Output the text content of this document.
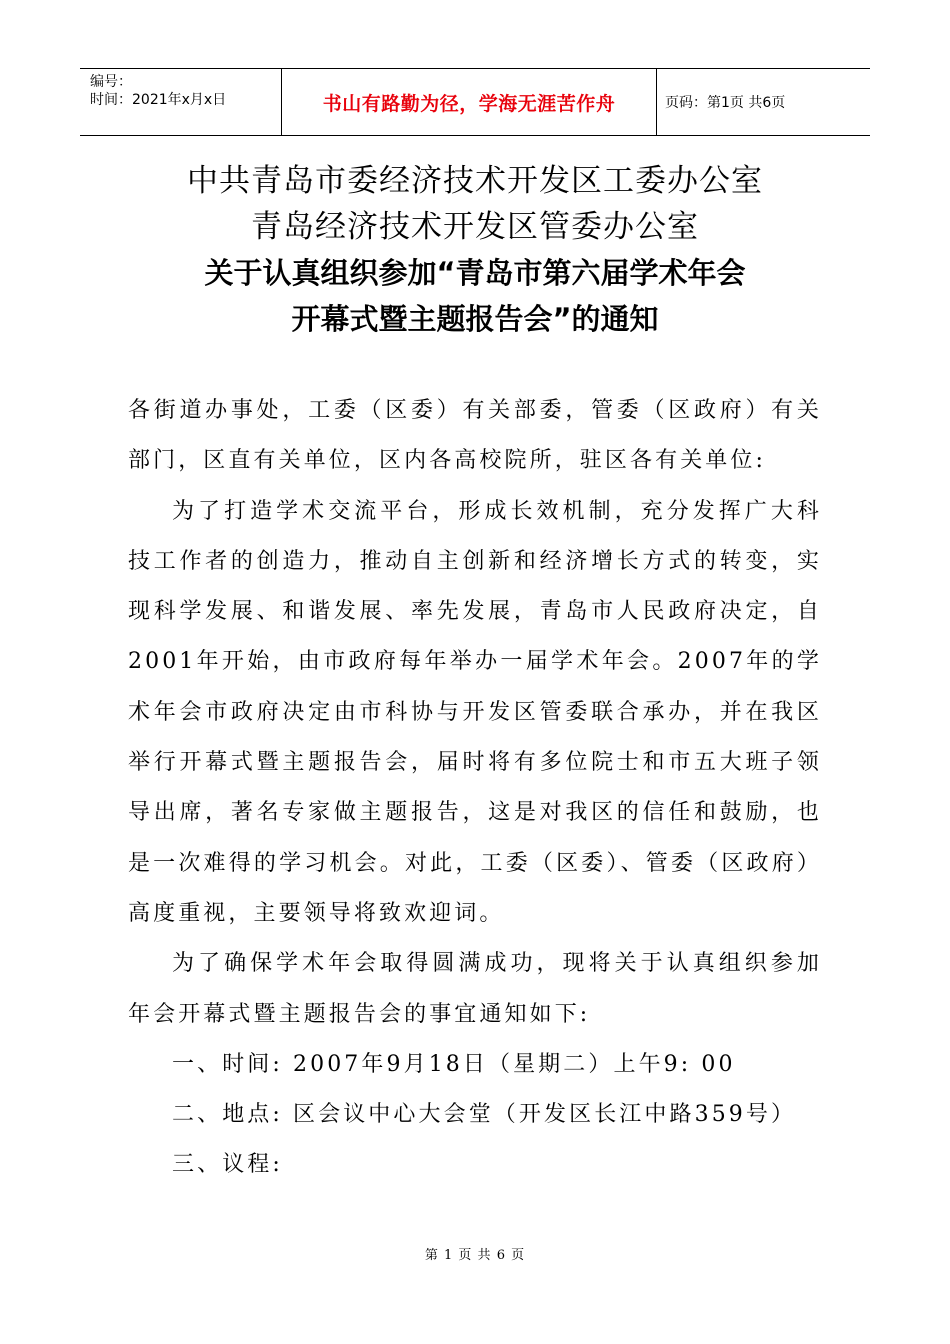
编号：
时间：2021年x月x日	书山有路勤为径，学海无涯苦作舟	页码：第1页 共6页
中共青岛市委经济技术开发区工委办公室
青岛经济技术开发区管委办公室
关于认真组织参加“青岛市第六届学术年会
开幕式暨主题报告会”的通知

各街道办事处，工委（区委）有关部委，管委（区政府）有关部门，区直有关单位，区内各高校院所，驻区各有关单位:

为了打造学术交流平台，形成长效机制，充分发挥广大科技工作者的创造力，推动自主创新和经济增长方式的转变，实现科学发展、和谐发展、率先发展，青岛市人民政府决定，自2001年开始，由市政府每年举办一届学术年会。2007年的学术年会市政府决定由市科协与开发区管委联合承办，并在我区举行开幕式暨主题报告会，届时将有多位院士和市五大班子领导出席，著名专家做主题报告，这是对我区的信任和鼓励，也是一次难得的学习机会。对此，工委（区委）、管委（区政府）高度重视，主要领导将致欢迎词。

为了确保学术年会取得圆满成功，现将关于认真组织参加年会开幕式暨主题报告会的事宜通知如下:

一、时间: 2007年9月18日（星期二）上午9: 00

二、地点: 区会议中心大会堂（开发区长江中路359号）

三、议程:

第 1 页 共 6 页
